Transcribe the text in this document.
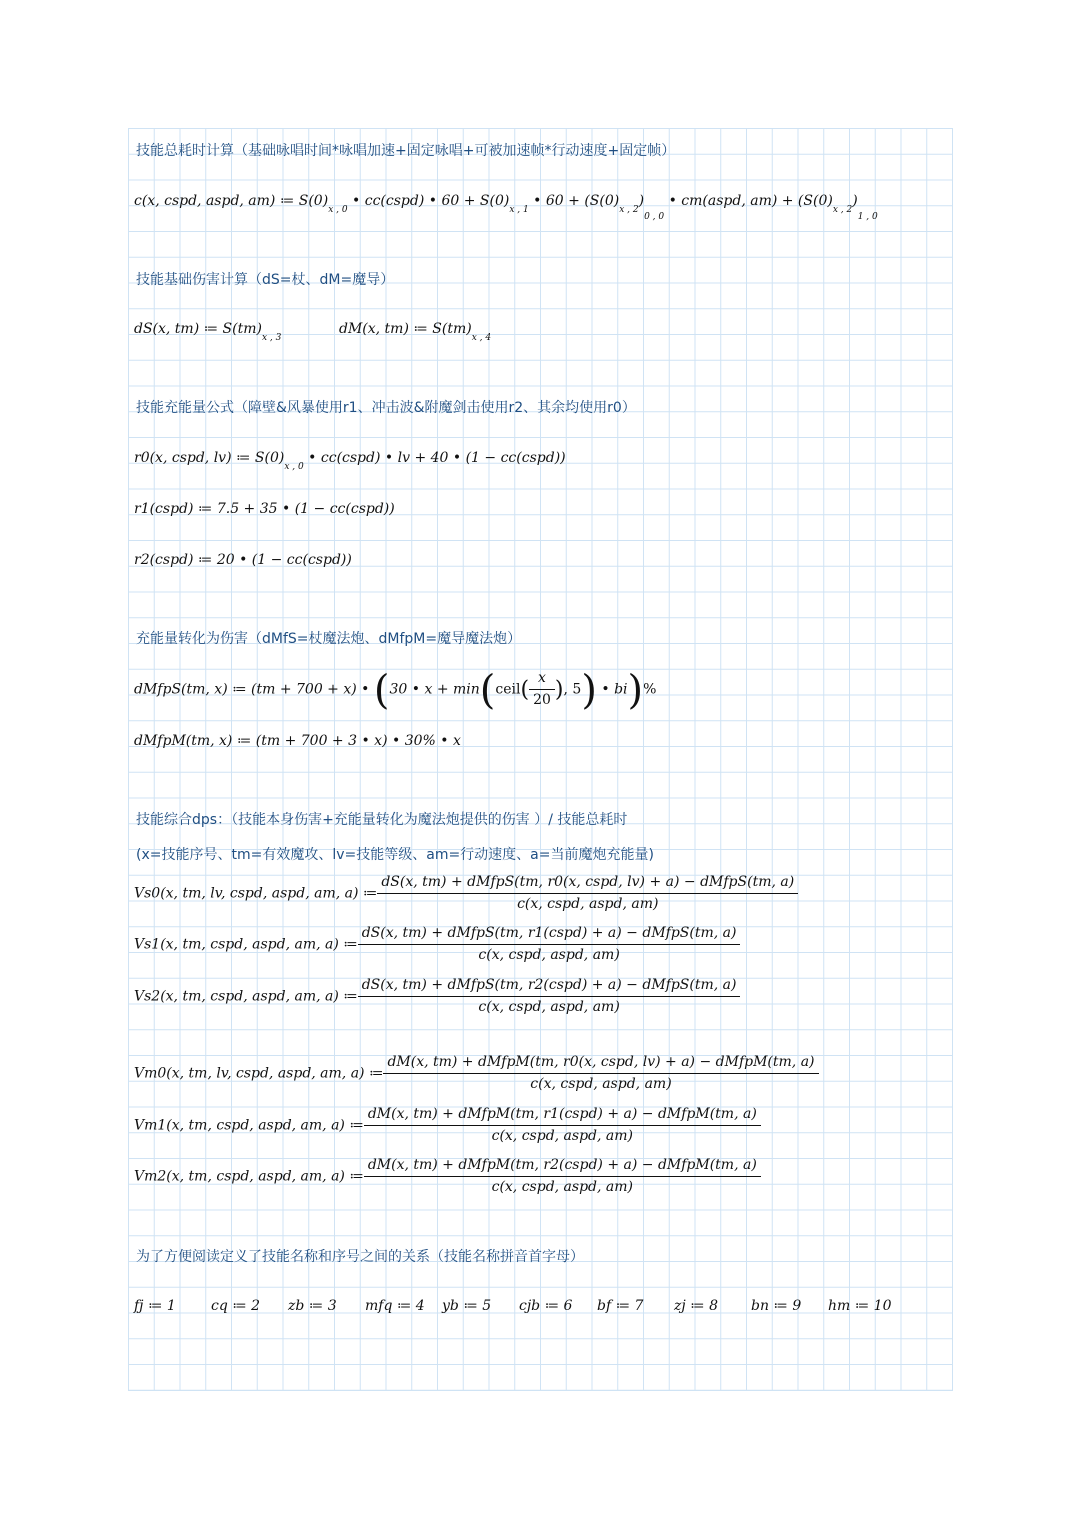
技能总耗时计算（基础咏唱时间*咏唱加速+固定咏唱+可被加速帧*行动速度+固定帧）

c(x, cspd, aspd, am) ≔ $S(0)_{x , 0}$ • cc(cspd) • $60 + S(0)_{x , 1}$ • $60 + (S(0)_{x , 2})_{0 , 0}$ • cm(aspd, $am) + (S(0)_{x , 2})_{1 , 0}$

技能基础伤害计算（dS=杖、dM=魔导）

dS(x, tm) ≔ $S(tm)_{x , 3}$
dM(x, tm) ≔ $S(tm)_{x , 4}$

技能充能量公式（障壁&风暴使用r1、冲击波&附魔剑击使用r2、其余均使用r0）

r0(x, cspd, lv) ≔ $S(0)_{x , 0}$ • cc(cspd) • lv + 40 • (1 − cc(cspd))
r1(cspd) ≔ 7.5 + 35 • (1 − cc(cspd))
r2(cspd) ≔ 20 • (1 − cc(cspd))

充能量转化为伤害（dMfS=杖魔法炮、dMfpM=魔导魔法炮）

dMfpS(tm, x) ≔ (tm + 700 + x) • (30 • x + min(ceil( $\frac{x}{20}$ ), 5) • bi)%
dMfpM(tm, x) ≔ (tm + 700 + 3 • x) • 30% • x

技能综合dps：（技能本身伤害+充能量转化为魔法炮提供的伤害 ）/ 技能总耗时

(x=技能序号、tm=有效魔攻、lv=技能等级、am=行动速度、a=当前魔炮充能量)

Vs0(x, tm, lv, cspd, aspd, am, a) ≔ $\frac{\text{dS(x, tm) + dMfpS(tm, r0(x, cspd, lv) + a) − dMfpS(tm, a)}}{\text{c(x, cspd, aspd, am)}}$
Vs1(x, tm, cspd, aspd, am, a) ≔ $\frac{\text{dS(x, tm) + dMfpS(tm, r1(cspd) + a) − dMfpS(tm, a)}}{\text{c(x, cspd, aspd, am)}}$
Vs2(x, tm, cspd, aspd, am, a) ≔ $\frac{\text{dS(x, tm) + dMfpS(tm, r2(cspd) + a) − dMfpS(tm, a)}}{\text{c(x, cspd, aspd, am)}}$
Vm0(x, tm, lv, cspd, aspd, am, a) ≔ $\frac{\text{dM(x, tm) + dMfpM(tm, r0(x, cspd, lv) + a) − dMfpM(tm, a)}}{\text{c(x, cspd, aspd, am)}}$
Vm1(x, tm, cspd, aspd, am, a) ≔ $\frac{\text{dM(x, tm) + dMfpM(tm, r1(cspd) + a) − dMfpM(tm, a)}}{\text{c(x, cspd, aspd, am)}}$
Vm2(x, tm, cspd, aspd, am, a) ≔ $\frac{\text{dM(x, tm) + dMfpM(tm, r2(cspd) + a) − dMfpM(tm, a)}}{\text{c(x, cspd, aspd, am)}}$

为了方便阅读定义了技能名称和序号之间的关系（技能名称拼音首字母）

fj ≔ 1	cq ≔ 2 zb ≔ 3 mfq ≔ 4 yb ≔ 5 cjb ≔ 6 bf ≔ 7 zj ≔ 8 bn ≔ 9 hm ≔ 10
